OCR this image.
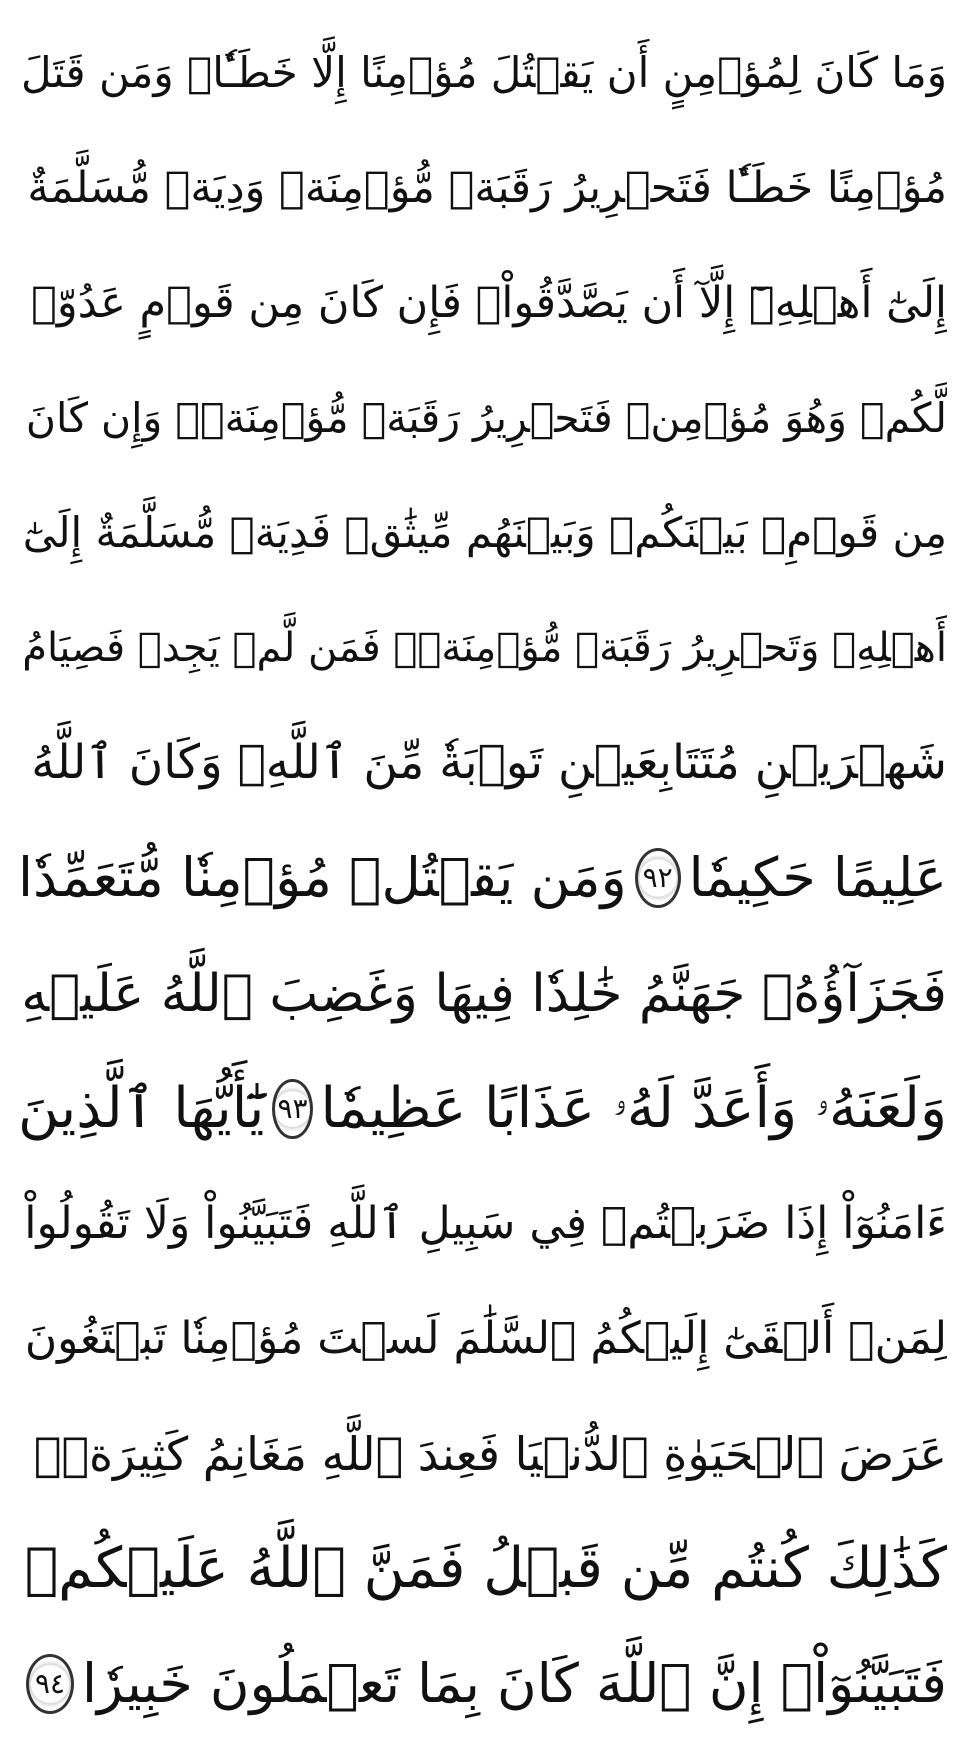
وَمَا كَانَ لِمُؤۡمِنٍ أَن يَقۡتُلَ مُؤۡمِنًا إِلَّا خَطَـٔٗاۚ وَمَن قَتَلَ
مُؤۡمِنًا خَطَـٔٗا فَتَحۡرِيرُ رَقَبَةٖ مُّؤۡمِنَةٖ وَدِيَةٞ مُّسَلَّمَةٌ
إِلَىٰٓ أَهۡلِهِۦٓ إِلَّآ أَن يَصَّدَّقُواْۚ فَإِن كَانَ مِن قَوۡمٍ عَدُوّٖ
لَّكُمۡ وَهُوَ مُؤۡمِنٞ فَتَحۡرِيرُ رَقَبَةٖ مُّؤۡمِنَةٖۖ وَإِن كَانَ
مِن قَوۡمِۭ بَيۡنَكُمۡ وَبَيۡنَهُم مِّيثَٰقٞ فَدِيَةٞ مُّسَلَّمَةٌ إِلَىٰٓ
أَهۡلِهِۦ وَتَحۡرِيرُ رَقَبَةٖ مُّؤۡمِنَةٖۖ فَمَن لَّمۡ يَجِدۡ فَصِيَامُ
شَهۡرَيۡنِ مُتَتَابِعَيۡنِ تَوۡبَةٗ مِّنَ ٱللَّهِۗ وَكَانَ ٱللَّهُ
عَلِيمًا حَكِيمٗا
٩٢
وَمَن يَقۡتُلۡ مُؤۡمِنٗا مُّتَعَمِّدٗا
فَجَزَآؤُهُۥ جَهَنَّمُ خَٰلِدٗا فِيهَا وَغَضِبَ ٱللَّهُ عَلَيۡهِ
وَلَعَنَهُۥ وَأَعَدَّ لَهُۥ عَذَابًا عَظِيمٗا
٩٣
يَٰٓأَيُّهَا ٱلَّذِينَ
ءَامَنُوٓاْ إِذَا ضَرَبۡتُمۡ فِي سَبِيلِ ٱللَّهِ فَتَبَيَّنُواْ وَلَا تَقُولُواْ
لِمَنۡ أَلۡقَىٰٓ إِلَيۡكُمُ ٱلسَّلَٰمَ لَسۡتَ مُؤۡمِنٗا تَبۡتَغُونَ
عَرَضَ ٱلۡحَيَوٰةِ ٱلدُّنۡيَا فَعِندَ ٱللَّهِ مَغَانِمُ كَثِيرَةٞۚ
كَذَٰلِكَ كُنتُم مِّن قَبۡلُ فَمَنَّ ٱللَّهُ عَلَيۡكُمۡ
فَتَبَيَّنُوٓاْۚ إِنَّ ٱللَّهَ كَانَ بِمَا تَعۡمَلُونَ خَبِيرٗا
٩٤
